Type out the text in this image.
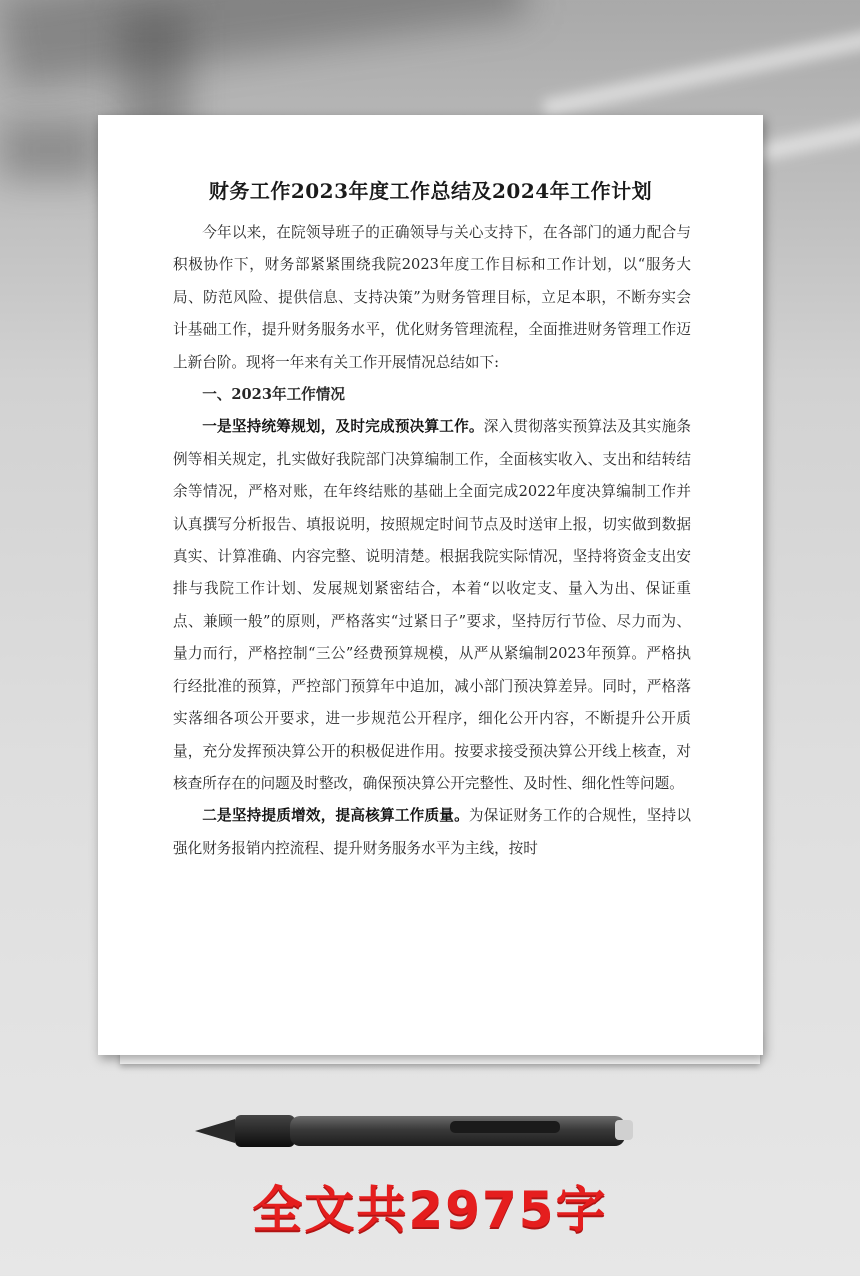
财务工作2023年度工作总结及2024年工作计划

今年以来，在院领导班子的正确领导与关心支持下，在各部门的通力配合与积极协作下，财务部紧紧围绕我院2023年度工作目标和工作计划，以“服务大局、防范风险、提供信息、支持决策”为财务管理目标，立足本职，不断夯实会计基础工作，提升财务服务水平，优化财务管理流程，全面推进财务管理工作迈上新台阶。现将一年来有关工作开展情况总结如下:

一、2023年工作情况

一是坚持统筹规划，及时完成预决算工作。深入贯彻落实预算法及其实施条例等相关规定，扎实做好我院部门决算编制工作，全面核实收入、支出和结转结余等情况，严格对账，在年终结账的基础上全面完成2022年度决算编制工作并认真撰写分析报告、填报说明，按照规定时间节点及时送审上报，切实做到数据真实、计算准确、内容完整、说明清楚。根据我院实际情况，坚持将资金支出安排与我院工作计划、发展规划紧密结合，本着“以收定支、量入为出、保证重点、兼顾一般”的原则，严格落实“过紧日子”要求，坚持厉行节俭、尽力而为、量力而行，严格控制“三公”经费预算规模，从严从紧编制2023年预算。严格执行经批准的预算，严控部门预算年中追加，减小部门预决算差异。同时，严格落实落细各项公开要求，进一步规范公开程序，细化公开内容，不断提升公开质量，充分发挥预决算公开的积极促进作用。按要求接受预决算公开线上核查，对核查所存在的问题及时整改，确保预决算公开完整性、及时性、细化性等问题。

二是坚持提质增效，提高核算工作质量。为保证财务工作的合规性，坚持以强化财务报销内控流程、提升财务服务水平为主线，按时

全文共2975字
